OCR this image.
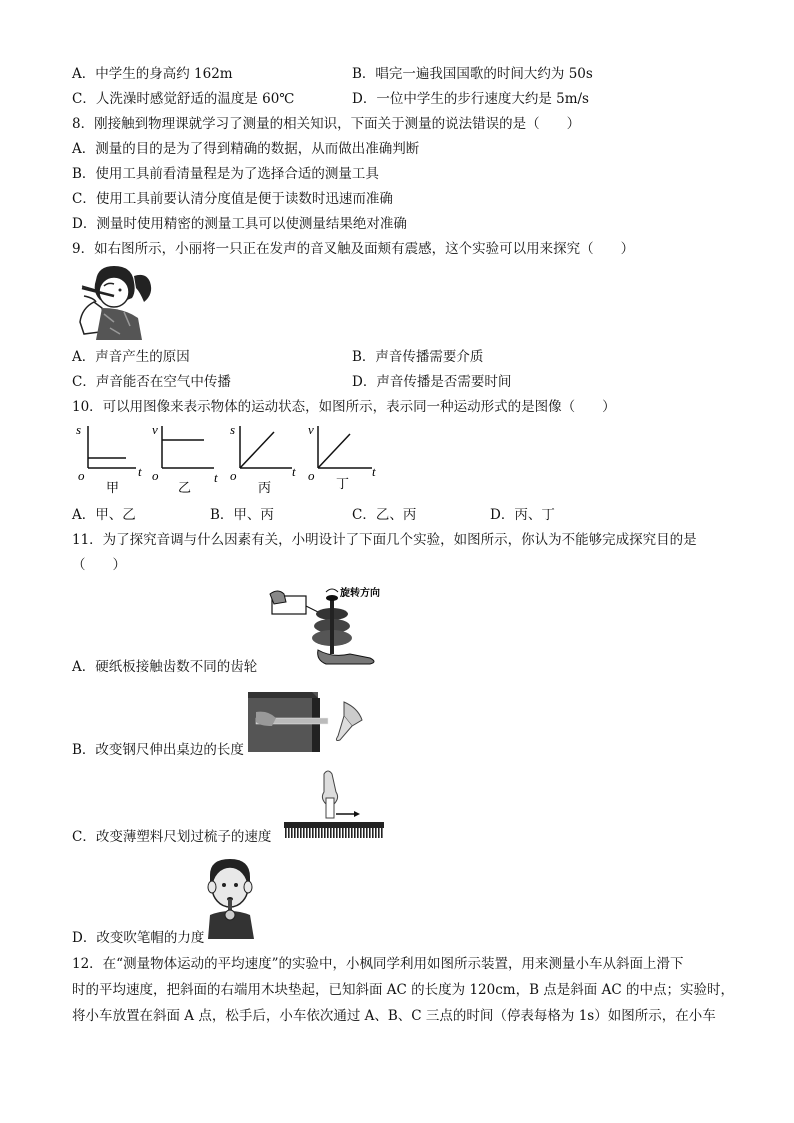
A．中学生的身高约 162m	B．唱完一遍我国国歌的时间大约为 50s
C．人洗澡时感觉舒适的温度是 60℃	D．一位中学生的步行速度大约是 5m/s
8．刚接触到物理课就学习了测量的相关知识，下面关于测量的说法错误的是（　　）
A．测量的目的是为了得到精确的数据，从而做出准确判断
B．使用工具前看清量程是为了选择合适的测量工具
C．使用工具前要认清分度值是便于读数时迅速而准确
D．测量时使用精密的测量工具可以使测量结果绝对准确
9．如右图所示，小丽将一只正在发声的音叉触及面颊有震感，这个实验可以用来探究（　　）
A．声音产生的原因	B．声音传播需要介质
C．声音能否在空气中传播	D．声音传播是否需要时间
10．可以用图像来表示物体的运动状态，如图所示，表示同一种运动形式的是图像（　　）
s
t
o
甲
v
t
o
乙
s
t
o
丙
v
t
o
丁
A．甲、乙	B．甲、丙	C．乙、丙	D．丙、丁
11．为了探究音调与什么因素有关，小明设计了下面几个实验，如图所示，你认为不能够完成探究目的是
（　　）
旋转方向
A．硬纸板接触齿数不同的齿轮
B．改变钢尺伸出桌边的长度
C．改变薄塑料尺划过梳子的速度
D．改变吹笔帽的力度
12．在“测量物体运动的平均速度”的实验中，小枫同学利用如图所示装置，用来测量小车从斜面上滑下
时的平均速度，把斜面的右端用木块垫起，已知斜面 AC 的长度为 120cm，B 点是斜面 AC 的中点；实验时，
将小车放置在斜面 A 点，松手后，小车依次通过 A、B、C 三点的时间（停表每格为 1s）如图所示，在小车
